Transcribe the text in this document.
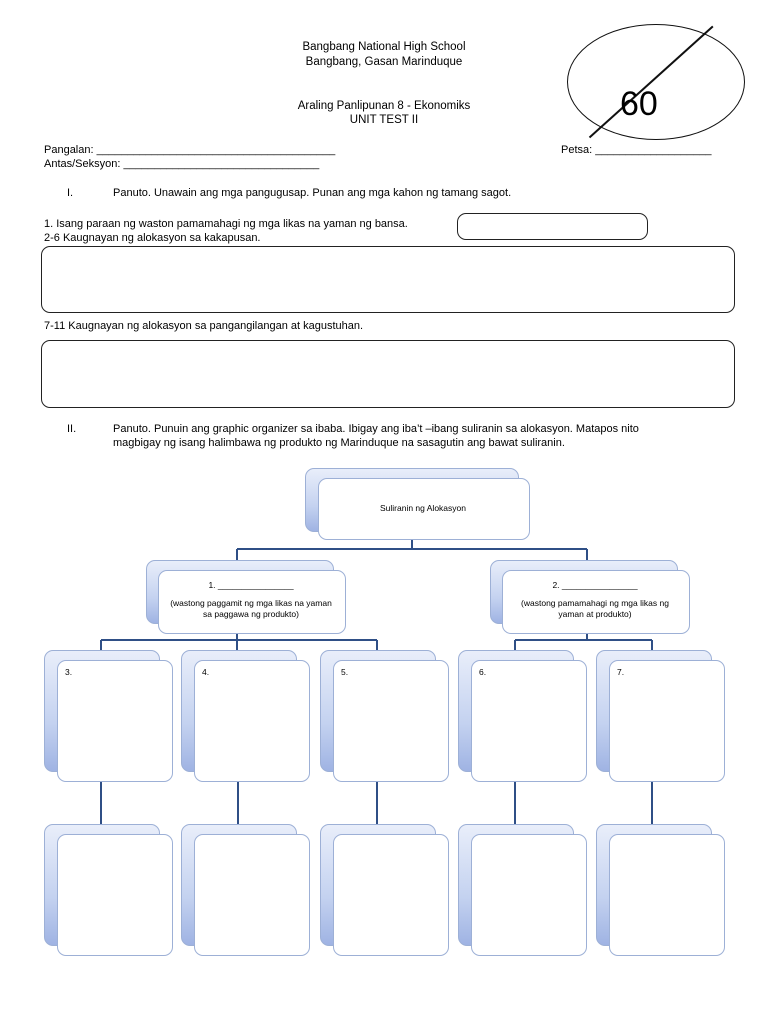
Bangbang National High School
Bangbang, Gasan Marinduque
Araling Panlipunan 8 - Ekonomiks
UNIT TEST II	60
Pangalan: _______________________________________	Petsa: ___________________
Antas/Seksyon: ________________________________
I.	Panuto. Unawain ang mga pangugusap. Punan ang mga kahon ng tamang sagot.
1. Isang paraan ng waston pamamahagi ng mga likas na yaman ng bansa.
2-6 Kaugnayan ng alokasyon sa kakapusan.
7-11 Kaugnayan ng alokasyon sa pangangilangan at kagustuhan.
II.	Panuto. Punuin ang graphic organizer sa ibaba. Ibigay ang iba’t –ibang suliranin sa alokasyon. Matapos nito
magbigay ng isang halimbawa ng produkto ng Marinduque na sasagutin ang bawat suliranin.
Suliranin ng Alokasyon
1. ________________
(wastong paggamit ng mga likas na yaman sa paggawa ng produkto)
2. ________________
(wastong pamamahagi ng mga likas ng yaman at produkto)
3.	4.	5.	6.	7.
